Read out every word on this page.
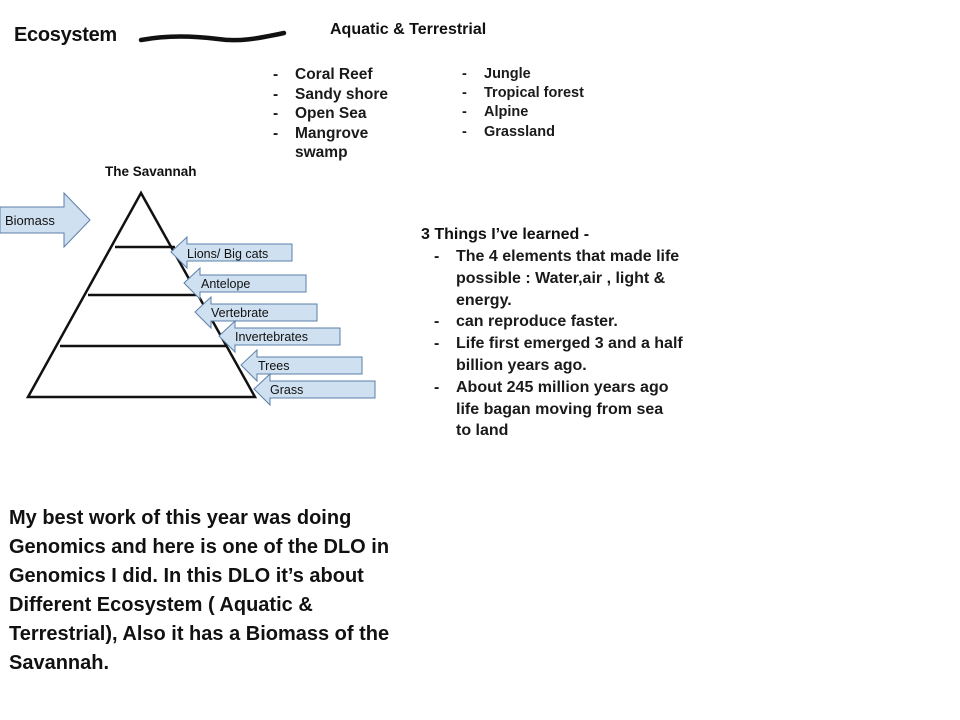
Ecosystem	Aquatic & Terrestrial
- Coral Reef
- Sandy shore
- Open Sea
- Mangrove swamp
- Jungle
- Tropical forest
- Alpine
- Grassland
The Savannah
Biomass
Lions/ Big cats
Antelope
Vertebrate
Invertebrates
Trees
Grass
3 Things I’ve learned -
- The 4 elements that made life possible : Water,air , light & energy.
- can reproduce faster.
- Life first emerged 3 and a half billion years ago.
- About 245 million years ago life bagan moving from sea to land

My best work of this year was doing Genomics and here is one of the DLO in Genomics I did. In this DLO it’s about Different Ecosystem ( Aquatic & Terrestrial), Also it has a Biomass of the Savannah.
